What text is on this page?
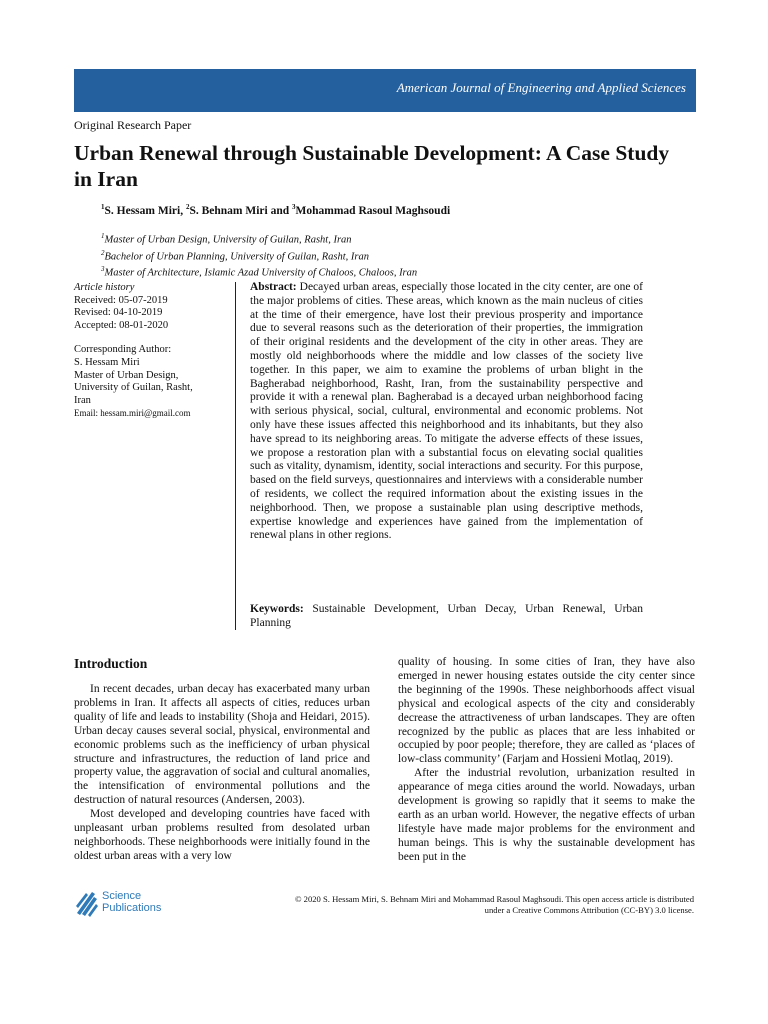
American Journal of Engineering and Applied Sciences
Original Research Paper
Urban Renewal through Sustainable Development: A Case Study in Iran
$^1$S. Hessam Miri, $^2$S. Behnam Miri and $^3$Mohammad Rasoul Maghsoudi
$^1$Master of Urban Design, University of Guilan, Rasht, Iran
$^2$Bachelor of Urban Planning, University of Guilan, Rasht, Iran
$^3$Master of Architecture, Islamic Azad University of Chaloos, Chaloos, Iran
Article history
Received: 05-07-2019
Revised: 04-10-2019
Accepted: 08-01-2020
Corresponding Author:
S. Hessam Miri
Master of Urban Design,
University of Guilan, Rasht,
Iran
Email: hessam.miri@gmail.com

Abstract: Decayed urban areas, especially those located in the city center, are one of the major problems of cities. These areas, which known as the main nucleus of cities at the time of their emergence, have lost their previous prosperity and importance due to several reasons such as the deterioration of their properties, the immigration of their original residents and the development of the city in other areas. They are mostly old neighborhoods where the middle and low classes of the society live together. In this paper, we aim to examine the problems of urban blight in the Bagherabad neighborhood, Rasht, Iran, from the sustainability perspective and provide it with a renewal plan. Bagherabad is a decayed urban neighborhood facing with serious physical, social, cultural, environmental and economic problems. Not only have these issues affected this neighborhood and its inhabitants, but they also have spread to its neighboring areas. To mitigate the adverse effects of these issues, we propose a restoration plan with a substantial focus on elevating social qualities such as vitality, dynamism, identity, social interactions and security. For this purpose, based on the field surveys, questionnaires and interviews with a considerable number of residents, we collect the required information about the existing issues in the neighborhood. Then, we propose a sustainable plan using descriptive methods, expertise knowledge and experiences have gained from the implementation of renewal plans in other regions.

Keywords: Sustainable Development, Urban Decay, Urban Renewal, Urban Planning

Introduction

In recent decades, urban decay has exacerbated many urban problems in Iran. It affects all aspects of cities, reduces urban quality of life and leads to instability (Shoja and Heidari, 2015). Urban decay causes several social, physical, environmental and economic problems such as the inefficiency of urban physical structure and infrastructures, the reduction of land price and property value, the aggravation of social and cultural anomalies, the intensification of environmental pollutions and the destruction of natural resources (Andersen, 2003).

Most developed and developing countries have faced with unpleasant urban problems resulted from desolated urban neighborhoods. These neighborhoods were initially found in the oldest urban areas with a very low

quality of housing. In some cities of Iran, they have also emerged in newer housing estates outside the city center since the beginning of the 1990s. These neighborhoods affect visual physical and ecological aspects of the city and considerably decrease the attractiveness of urban landscapes. They are often recognized by the public as places that are less inhabited or occupied by poor people; therefore, they are called as ‘places of low-class community’ (Farjam and Hossieni Motlaq, 2019).

After the industrial revolution, urbanization resulted in appearance of mega cities around the world. Nowadays, urban development is growing so rapidly that it seems to make the earth as an urban world. However, the negative effects of urban lifestyle have made major problems for the environment and human beings. This is why the sustainable development has been put in the

Science
Publications

© 2020 S. Hessam Miri, S. Behnam Miri and Mohammad Rasoul Maghsoudi. This open access article is distributed
under a Creative Commons Attribution (CC-BY) 3.0 license.
